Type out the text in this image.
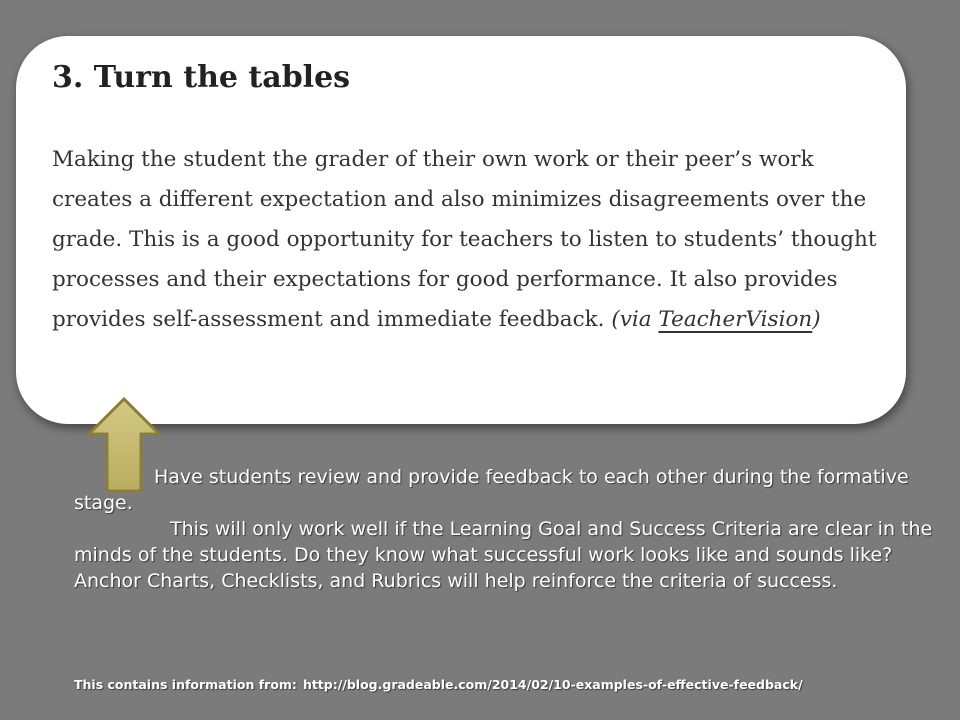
3. Turn the tables

Making the student the grader of their own work or their peer’s work creates a different expectation and also minimizes disagreements over the grade. This is a good opportunity for teachers to listen to students’ thought processes and their expectations for good performance. It also provides provides self-assessment and immediate feedback. (via TeacherVision)

Have students review and provide feedback to each other during the formative stage.
This will only work well if the Learning Goal and Success Criteria are clear in the minds of the students. Do they know what successful work looks like and sounds like? Anchor Charts, Checklists, and Rubrics will help reinforce the criteria of success.

This contains information from: http://blog.gradeable.com/2014/02/10-examples-of-effective-feedback/
